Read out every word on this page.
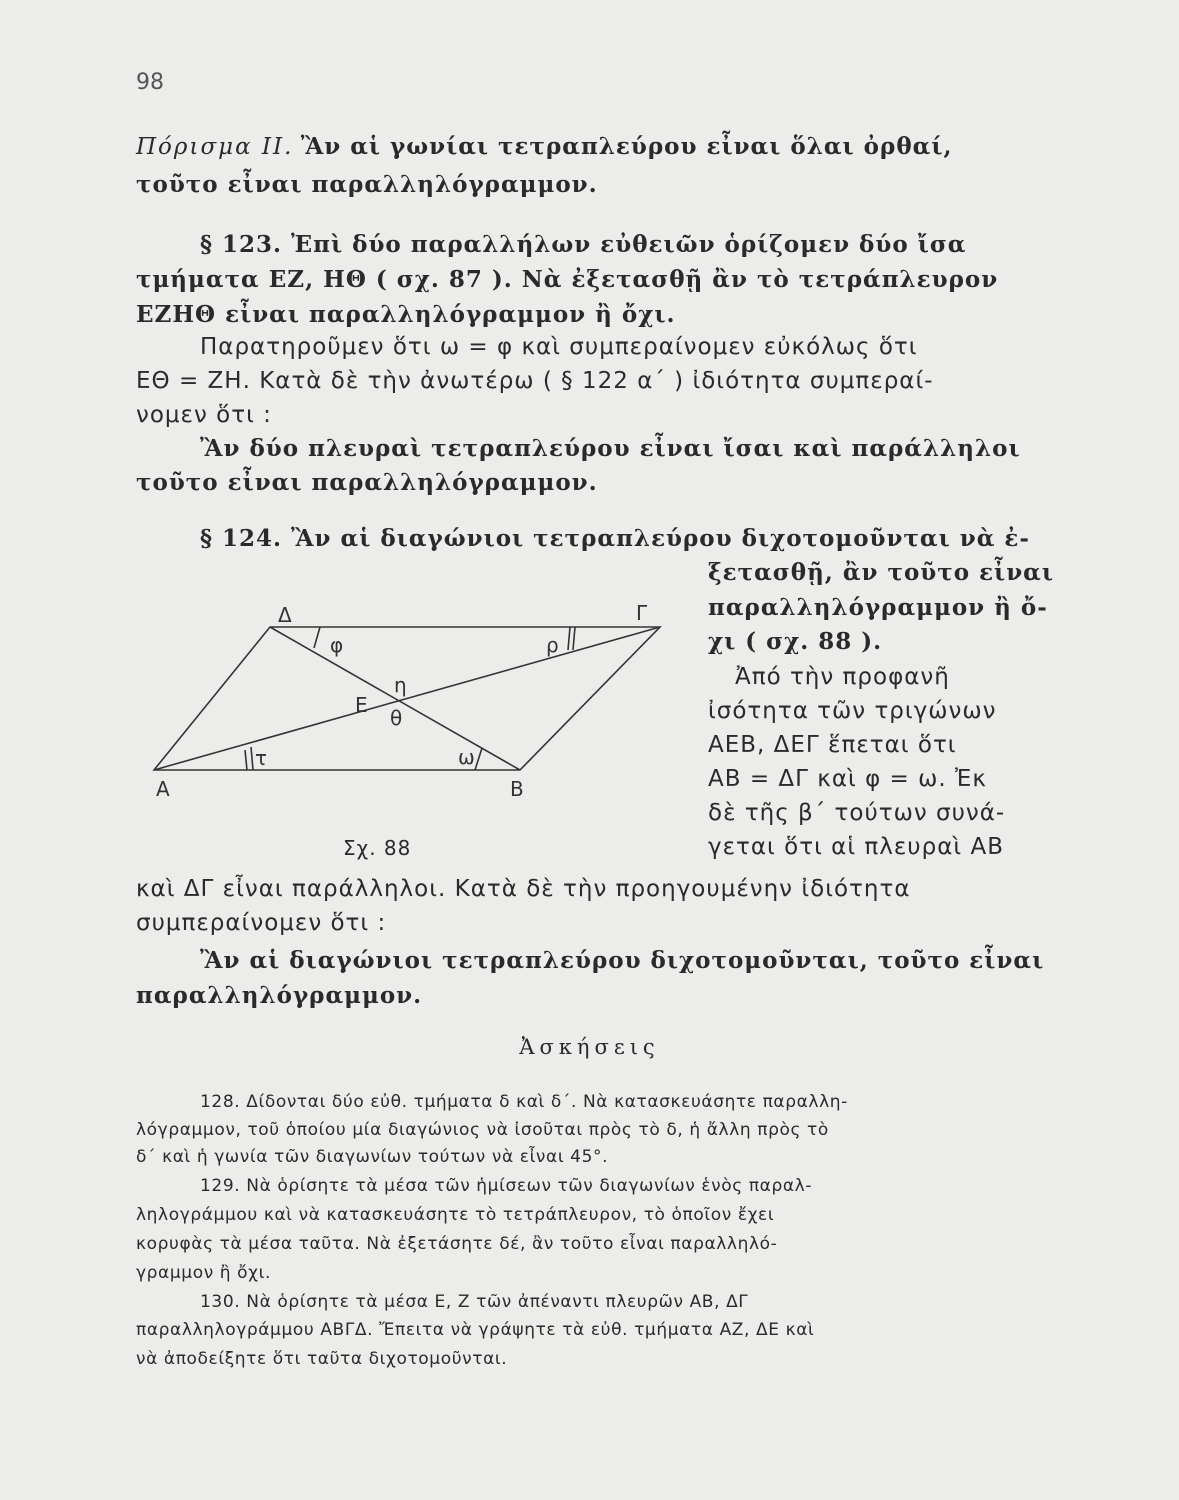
98
Πόρισμα II. Ἂν αἱ γωνίαι τετραπλεύρου εἶναι ὅλαι ὀρθαί,
τοῦτο εἶναι παραλληλόγραμμον.
§ 123. Ἐπὶ δύο παραλλήλων εὐθειῶν ὁρίζομεν δύο ἴσα
τμήματα ΕΖ, ΗΘ ( σχ. 87 ). Νὰ ἐξετασθῇ ἂν τὸ τετράπλευρον
ΕΖΗΘ εἶναι παραλληλόγραμμον ἢ ὄχι.
Παρατηροῦμεν ὅτι ω = φ καὶ συμπεραίνομεν εὐκόλως ὅτι
ΕΘ = ΖΗ. Κατὰ δὲ τὴν ἀνωτέρω ( § 122 α΄ ) ἰδιότητα συμπεραί-
νομεν ὅτι :
Ἂν δύο πλευραὶ τετραπλεύρου εἶναι ἴσαι καὶ παράλληλοι
τοῦτο εἶναι παραλληλόγραμμον.
§ 124. Ἂν αἱ διαγώνιοι τετραπλεύρου διχοτομοῦνται νὰ ἐ-
ξετασθῇ, ἂν τοῦτο εἶναι
παραλληλόγραμμον ἢ ὄ-
χι ( σχ. 88 ).
Ἀπό τὴν προφανῆ
ἰσότητα τῶν τριγώνων
ΑΕΒ, ΔΕΓ ἕπεται ὅτι
ΑΒ = ΔΓ καὶ φ = ω. Ἐκ
δὲ τῆς β΄ τούτων συνά-
γεται ὅτι αἱ πλευραὶ ΑΒ
καὶ ΔΓ εἶναι παράλληλοι. Κατὰ δὲ τὴν προηγουμένην ἰδιότητα
συμπεραίνομεν ὅτι :
Ἂν αἱ διαγώνιοι τετραπλεύρου διχοτομοῦνται, τοῦτο εἶναι
παραλληλόγραμμον.
Δ	Γ
Α	Β
Ε
φ	ρ
η
θ
ω
τ
Σχ. 88
Ἀσκήσεις
128. Δίδονται δύο εὐθ. τμήματα δ καὶ δ΄. Νὰ κατασκευάσητε παραλλη-
λόγραμμον, τοῦ ὁποίου μία διαγώνιος νὰ ἰσοῦται πρὸς τὸ δ, ἡ ἄλλη πρὸς τὸ
δ΄ καὶ ἡ γωνία τῶν διαγωνίων τούτων νὰ εἶναι 45°.
129. Νὰ ὁρίσητε τὰ μέσα τῶν ἡμίσεων τῶν διαγωνίων ἑνὸς παραλ-
ληλογράμμου καὶ νὰ κατασκευάσητε τὸ τετράπλευρον, τὸ ὁποῖον ἔχει
κορυφὰς τὰ μέσα ταῦτα. Νὰ ἐξετάσητε δέ, ἂν τοῦτο εἶναι παραλληλό-
γραμμον ἢ ὄχι.
130. Νὰ ὁρίσητε τὰ μέσα Ε, Ζ τῶν ἀπέναντι πλευρῶν ΑΒ, ΔΓ
παραλληλογράμμου ΑΒΓΔ. Ἔπειτα νὰ γράψητε τὰ εὐθ. τμήματα ΑΖ, ΔΕ καὶ
νὰ ἀποδείξητε ὅτι ταῦτα διχοτομοῦνται.
